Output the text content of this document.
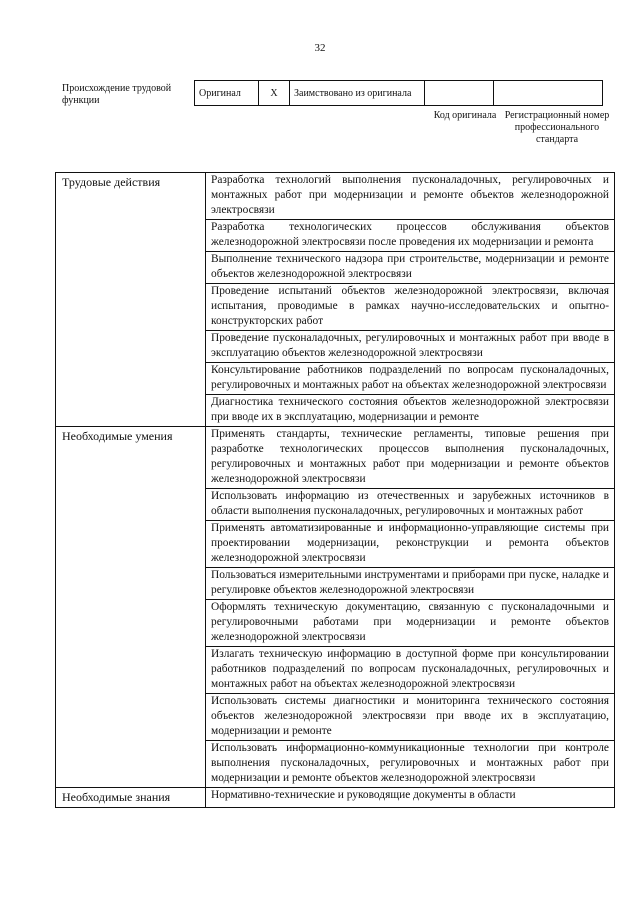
32
Происхождение трудовой функции
Оригинал	X	Заимствовано из оригинала		
Код оригинала Регистрационный номер профессионального стандарта
Трудовые действия	Разработка технологий выполнения пусконаладочных, регулировочных и монтажных работ при модернизации и ремонте объектов железнодорожной электросвязи
	Разработка технологических процессов обслуживания объектов железнодорожной электросвязи после проведения их модернизации и ремонта
	Выполнение технического надзора при строительстве, модернизации и ремонте объектов железнодорожной электросвязи
	Проведение испытаний объектов железнодорожной электросвязи, включая испытания, проводимые в рамках научно-исследовательских и опытно-конструкторских работ
	Проведение пусконаладочных, регулировочных и монтажных работ при вводе в эксплуатацию объектов железнодорожной электросвязи
	Консультирование работников подразделений по вопросам пусконаладочных, регулировочных и монтажных работ на объектах железнодорожной электросвязи
	Диагностика технического состояния объектов железнодорожной электросвязи при вводе их в эксплуатацию, модернизации и ремонте
Необходимые умения	Применять стандарты, технические регламенты, типовые решения при разработке технологических процессов выполнения пусконаладочных, регулировочных и монтажных работ при модернизации и ремонте объектов железнодорожной электросвязи
	Использовать информацию из отечественных и зарубежных источников в области выполнения пусконаладочных, регулировочных и монтажных работ
	Применять автоматизированные и информационно-управляющие системы при проектировании модернизации, реконструкции и ремонта объектов железнодорожной электросвязи
	Пользоваться измерительными инструментами и приборами при пуске, наладке и регулировке объектов железнодорожной электросвязи
	Оформлять техническую документацию, связанную с пусконаладочными и регулировочными работами при модернизации и ремонте объектов железнодорожной электросвязи
	Излагать техническую информацию в доступной форме при консультировании работников подразделений по вопросам пусконаладочных, регулировочных и монтажных работ на объектах железнодорожной электросвязи
	Использовать системы диагностики и мониторинга технического состояния объектов железнодорожной электросвязи при вводе их в эксплуатацию, модернизации и ремонте
	Использовать информационно-коммуникационные технологии при контроле выполнения пусконаладочных, регулировочных и монтажных работ при модернизации и ремонте объектов железнодорожной электросвязи
Необходимые знания	Нормативно-технические и руководящие документы в области
